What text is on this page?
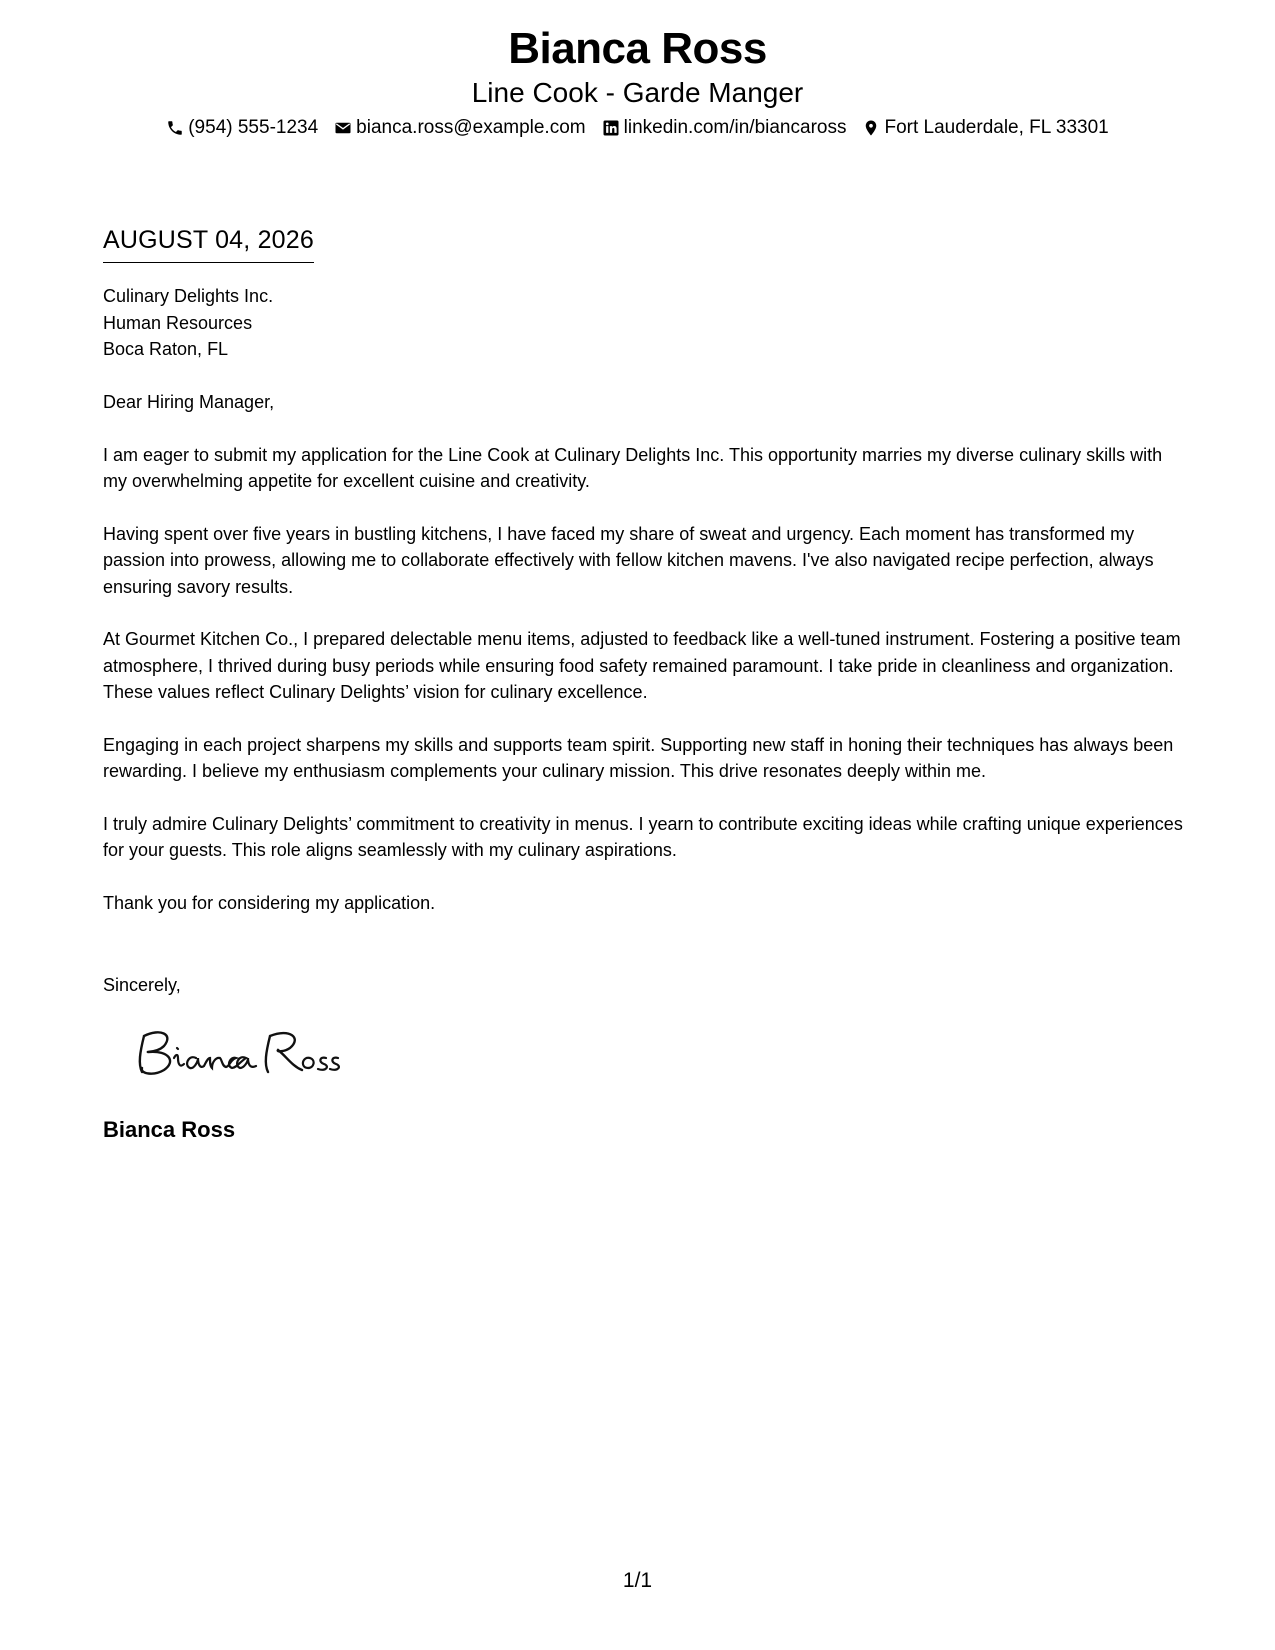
Bianca Ross
Line Cook - Garde Manger
(954) 555-1234 bianca.ross@example.com linkedin.com/in/biancaross Fort Lauderdale, FL 33301
AUGUST 04, 2026
Culinary Delights Inc.
Human Resources
Boca Raton, FL

Dear Hiring Manager,

I am eager to submit my application for the Line Cook at Culinary Delights Inc. This opportunity marries my diverse culinary skills with my overwhelming appetite for excellent cuisine and creativity.

Having spent over five years in bustling kitchens, I have faced my share of sweat and urgency. Each moment has transformed my passion into prowess, allowing me to collaborate effectively with fellow kitchen mavens. I've also navigated recipe perfection, always ensuring savory results.

At Gourmet Kitchen Co., I prepared delectable menu items, adjusted to feedback like a well-tuned instrument. Fostering a positive team atmosphere, I thrived during busy periods while ensuring food safety remained paramount. I take pride in cleanliness and organization. These values reflect Culinary Delights’ vision for culinary excellence.

Engaging in each project sharpens my skills and supports team spirit. Supporting new staff in honing their techniques has always been rewarding. I believe my enthusiasm complements your culinary mission. This drive resonates deeply within me.

I truly admire Culinary Delights’ commitment to creativity in menus. I yearn to contribute exciting ideas while crafting unique experiences for your guests. This role aligns seamlessly with my culinary aspirations.

Thank you for considering my application.

Sincerely,
Bianca Ross
1/1
